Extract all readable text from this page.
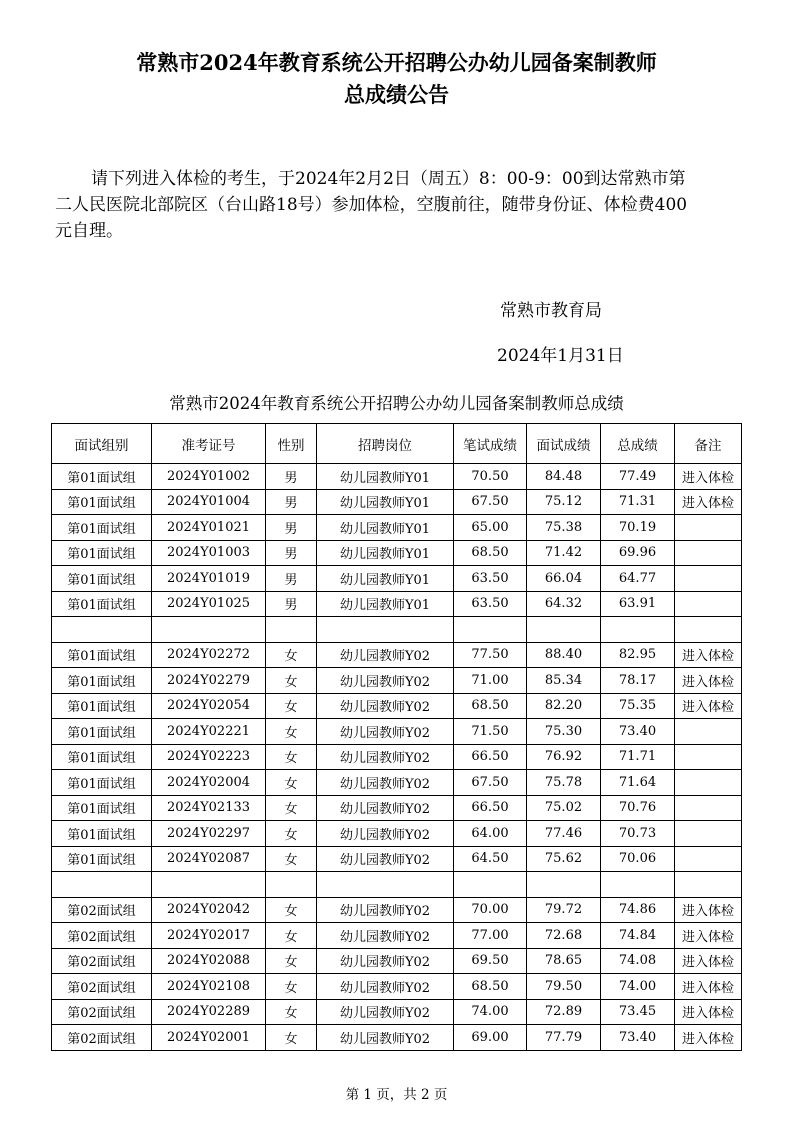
常熟市2024年教育系统公开招聘公办幼儿园备案制教师
总成绩公告

请下列进入体检的考生，于2024年2月2日（周五）8：00-9：00到达常熟市第

二人民医院北部院区（台山路18号）参加体检，空腹前往，随带身份证、体检费400

元自理。

常熟市教育局
2024年1月31日
常熟市2024年教育系统公开招聘公办幼儿园备案制教师总成绩
面试组别	准考证号	性别	招聘岗位	笔试成绩	面试成绩	总成绩	备注
第01面试组	2024Y01002	男	幼儿园教师Y01	70.50	84.48	77.49	进入体检
第01面试组	2024Y01004	男	幼儿园教师Y01	67.50	75.12	71.31	进入体检
第01面试组	2024Y01021	男	幼儿园教师Y01	65.00	75.38	70.19	
第01面试组	2024Y01003	男	幼儿园教师Y01	68.50	71.42	69.96	
第01面试组	2024Y01019	男	幼儿园教师Y01	63.50	66.04	64.77	
第01面试组	2024Y01025	男	幼儿园教师Y01	63.50	64.32	63.91	

第01面试组	2024Y02272	女	幼儿园教师Y02	77.50	88.40	82.95	进入体检
第01面试组	2024Y02279	女	幼儿园教师Y02	71.00	85.34	78.17	进入体检
第01面试组	2024Y02054	女	幼儿园教师Y02	68.50	82.20	75.35	进入体检
第01面试组	2024Y02221	女	幼儿园教师Y02	71.50	75.30	73.40	
第01面试组	2024Y02223	女	幼儿园教师Y02	66.50	76.92	71.71	
第01面试组	2024Y02004	女	幼儿园教师Y02	67.50	75.78	71.64	
第01面试组	2024Y02133	女	幼儿园教师Y02	66.50	75.02	70.76	
第01面试组	2024Y02297	女	幼儿园教师Y02	64.00	77.46	70.73	
第01面试组	2024Y02087	女	幼儿园教师Y02	64.50	75.62	70.06	

第02面试组	2024Y02042	女	幼儿园教师Y02	70.00	79.72	74.86	进入体检
第02面试组	2024Y02017	女	幼儿园教师Y02	77.00	72.68	74.84	进入体检
第02面试组	2024Y02088	女	幼儿园教师Y02	69.50	78.65	74.08	进入体检
第02面试组	2024Y02108	女	幼儿园教师Y02	68.50	79.50	74.00	进入体检
第02面试组	2024Y02289	女	幼儿园教师Y02	74.00	72.89	73.45	进入体检
第02面试组	2024Y02001	女	幼儿园教师Y02	69.00	77.79	73.40	进入体检
第 1 页，共 2 页
